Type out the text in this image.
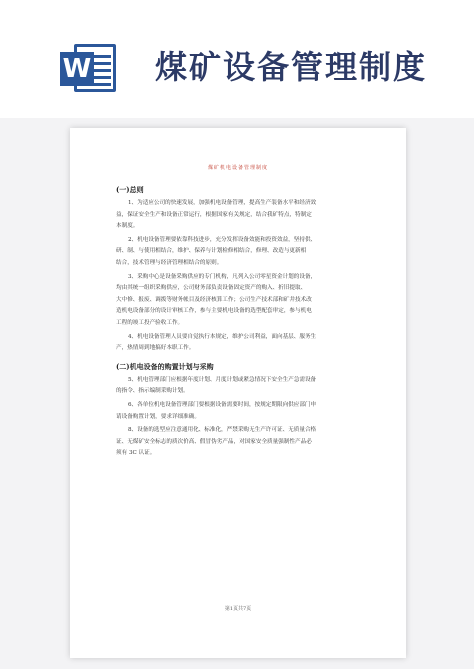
W 煤矿设备管理制度
煤矿机电设备管理制度
(一)总则
1、为适应公司的快速发展，加强机电设备管理，提高生产装备水平和经济效
益，保证安全生产和设备正常运行，根据国家有关规定，结合我矿特点，特制定
本制度。
2、机电设备管理要依靠科技进步，充分发挥设备效能和投资效益，坚持供、
研、制、与使用相结合，维护、保养与计划检修相结合，修理、改造与更新相
结合，技术管理与经济管理相结合的原则。
3、采购中心是设备采购供应的专门机构，凡列入公司零星资金计划的设备，
均由其统一组织采购供应，公司财务部负责设备固定资产的购入、折旧提取、
大中修、报废、调拨等财务帐目及经济核算工作；公司生产技术部和矿井技术改
造机电设备部分的设计审核工作，参与主要机电设备的选型配套审定，参与机电
工程的竣工投产验收工作。
4、机电设备管理人员要自觉执行本规定，维护公司利益，面向基层、服务生
产，热情周到地搞好本职工作。
(二)机电设备的购置计划与采购
5、机电管理部门应根据年度计划、月度计划或紧急情况下安全生产急需设备
的指令、指示编制采购计划。
6、各单位机电设备管理部门要根据设备需要时间，按规定期限向供应部门申
请设备购置计划，要求详细准确。
8、设备的选型应注意通用化、标准化，严禁采购无生产许可证、无质量合格
证、无煤矿安全标志的质次价高、假冒伪劣产品，对国家安全质量强制性产品必
须有 3C 认证。
第1页共7页
